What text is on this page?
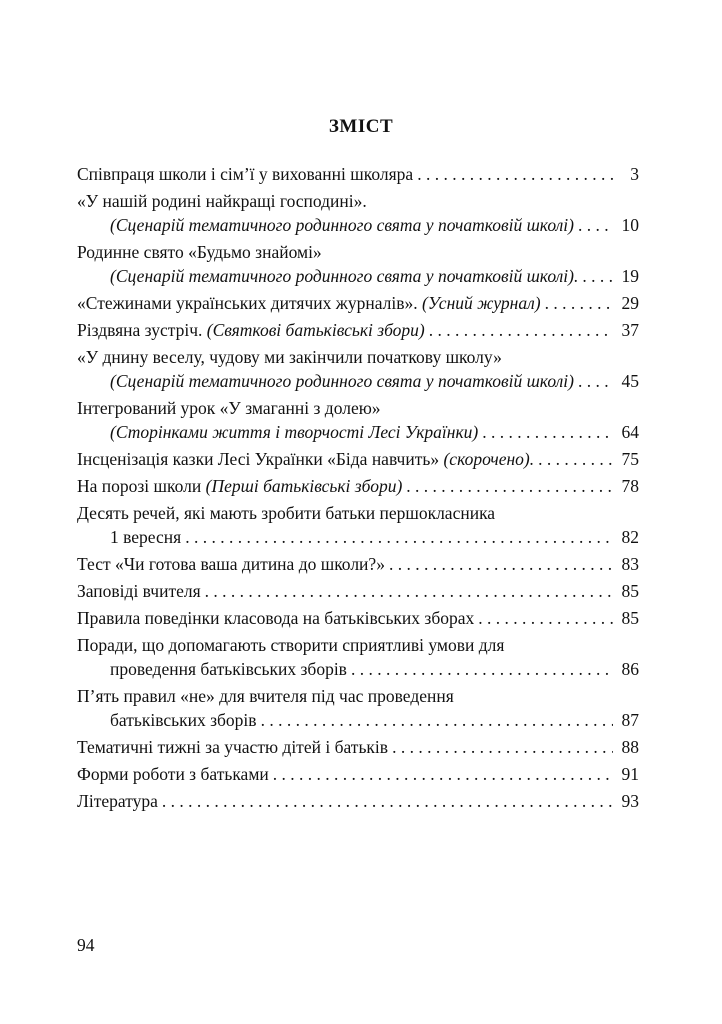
ЗМІСТ
Співпраця школи і сім’ї у вихованні школяра . . .	3
«У нашій родині найкращі господині».
(Сценарій тематичного родинного свята у початковій школі) . . .	10
Родинне свято «Будьмо знайомі»
(Сценарій тематичного родинного свята у початковій школі). . . . 19
«Стежинами українських дитячих журналів». (Усний журнал) . . .	29
Різдвяна зустріч. (Святкові батьківські збори) . . .	37
«У днину веселу, чудову ми закінчили початкову школу»
(Сценарій тематичного родинного свята у початковій школі) . . .	45
Інтегрований урок «У змаганні з долею»
(Сторінками життя і творчості Лесі Українки) . . .	64
Інсценізація казки Лесі Українки «Біда навчить» (скорочено). . . .	75
На порозі школи (Перші батьківські збори) . . .	78
Десять речей, які мають зробити батьки першокласника
1 вересня . . .	82
Тест «Чи готова ваша дитина до школи?» . . .	83
Заповіді вчителя . . .	85
Правила поведінки класовода на батьківських зборах . . .	85
Поради, що допомагають створити сприятливі умови для
проведення батьківських зборів . . .	86
П’ять правил «не» для вчителя під час проведення
батьківських зборів . . .	87
Тематичні тижні за участю дітей і батьків . . .	88
Форми роботи з батьками . . .	91
Література . . .	93
94
